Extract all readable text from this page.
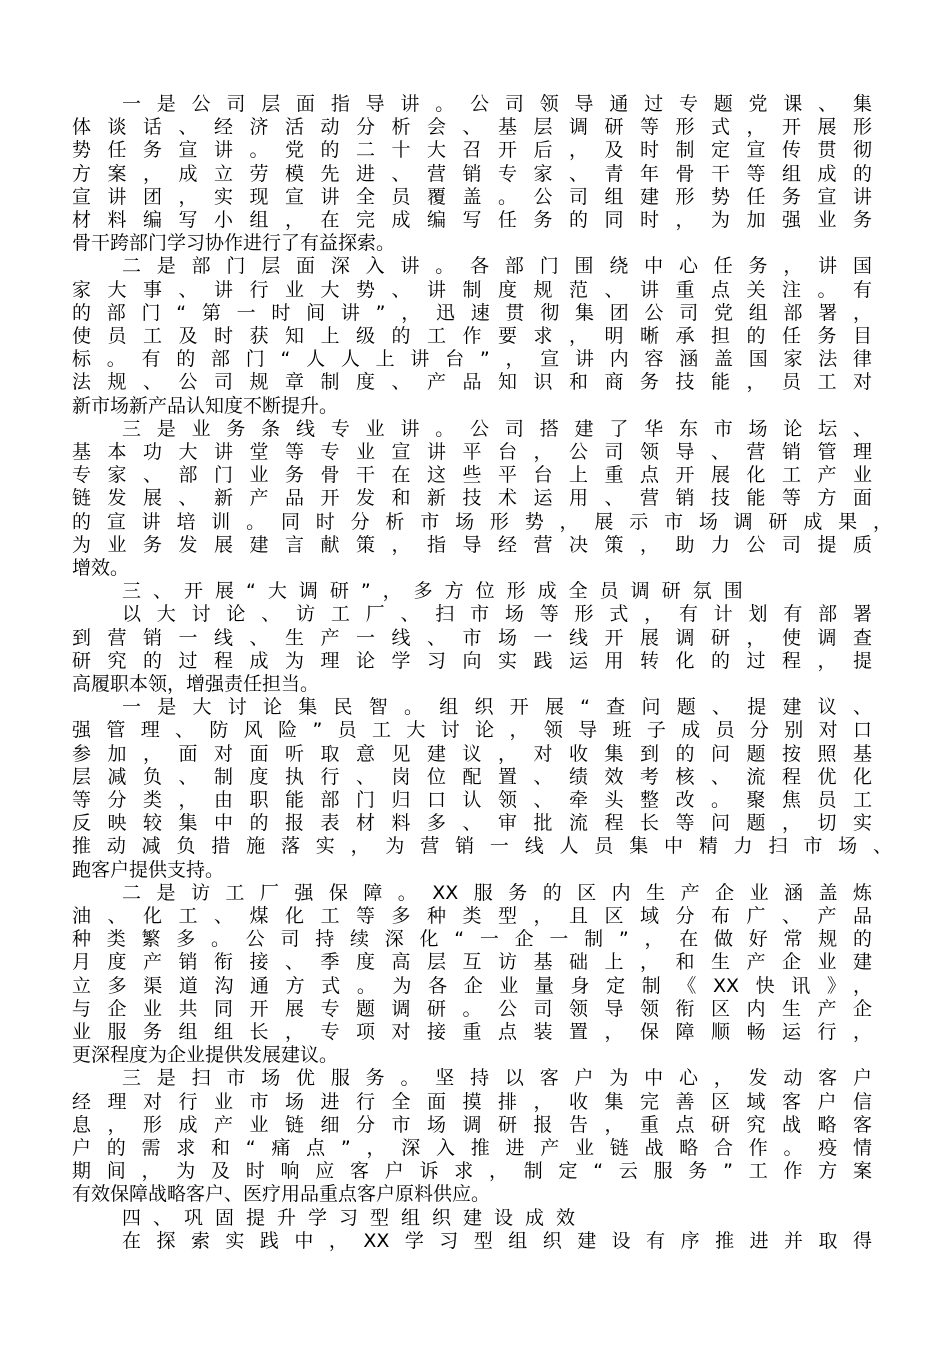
一是公司层面指导讲。公司领导通过专题党课、集
体谈话、经济活动分析会、基层调研等形式，开展形
势任务宣讲。党的二十大召开后，及时制定宣传贯彻
方案，成立劳模先进、营销专家、青年骨干等组成的
宣讲团，实现宣讲全员覆盖。公司组建形势任务宣讲
材料编写小组，在完成编写任务的同时，为加强业务
骨干跨部门学习协作进行了有益探索。
二是部门层面深入讲。各部门围绕中心任务，讲国
家大事、讲行业大势、讲制度规范、讲重点关注。有
的部门“第一时间讲”，迅速贯彻集团公司党组部署，
使员工及时获知上级的工作要求，明晰承担的任务目
标。有的部门“人人上讲台”，宣讲内容涵盖国家法律
法规、公司规章制度、产品知识和商务技能，员工对
新市场新产品认知度不断提升。
三是业务条线专业讲。公司搭建了华东市场论坛、
基本功大讲堂等专业宣讲平台，公司领导、营销管理
专家、部门业务骨干在这些平台上重点开展化工产业
链发展、新产品开发和新技术运用、营销技能等方面
的宣讲培训。同时分析市场形势，展示市场调研成果，
为业务发展建言献策，指导经营决策，助力公司提质
增效。
三、开展“大调研”，多方位形成全员调研氛围
以大讨论、访工厂、扫市场等形式，有计划有部署
到营销一线、生产一线、市场一线开展调研，使调查
研究的过程成为理论学习向实践运用转化的过程，提
高履职本领，增强责任担当。
一是大讨论集民智。组织开展“查问题、提建议、
强管理、防风险”员工大讨论，领导班子成员分别对口
参加，面对面听取意见建议，对收集到的问题按照基
层减负、制度执行、岗位配置、绩效考核、流程优化
等分类，由职能部门归口认领、牵头整改。聚焦员工
反映较集中的报表材料多、审批流程长等问题，切实
推动减负措施落实，为营销一线人员集中精力扫市场、
跑客户提供支持。
二是访工厂强保障。XX服务的区内生产企业涵盖炼
油、化工、煤化工等多种类型，且区域分布广、产品
种类繁多。公司持续深化“一企一制”，在做好常规的
月度产销衔接、季度高层互访基础上，和生产企业建
立多渠道沟通方式。为各企业量身定制《XX快讯》，
与企业共同开展专题调研。公司领导领衔区内生产企
业服务组组长，专项对接重点装置，保障顺畅运行，
更深程度为企业提供发展建议。
三是扫市场优服务。坚持以客户为中心，发动客户
经理对行业市场进行全面摸排，收集完善区域客户信
息，形成产业链细分市场调研报告，重点研究战略客
户的需求和“痛点”，深入推进产业链战略合作。疫情
期间，为及时响应客户诉求，制定“云服务”工作方案
有效保障战略客户、医疗用品重点客户原料供应。
四、巩固提升学习型组织建设成效
在探索实践中，XX学习型组织建设有序推进并取得
